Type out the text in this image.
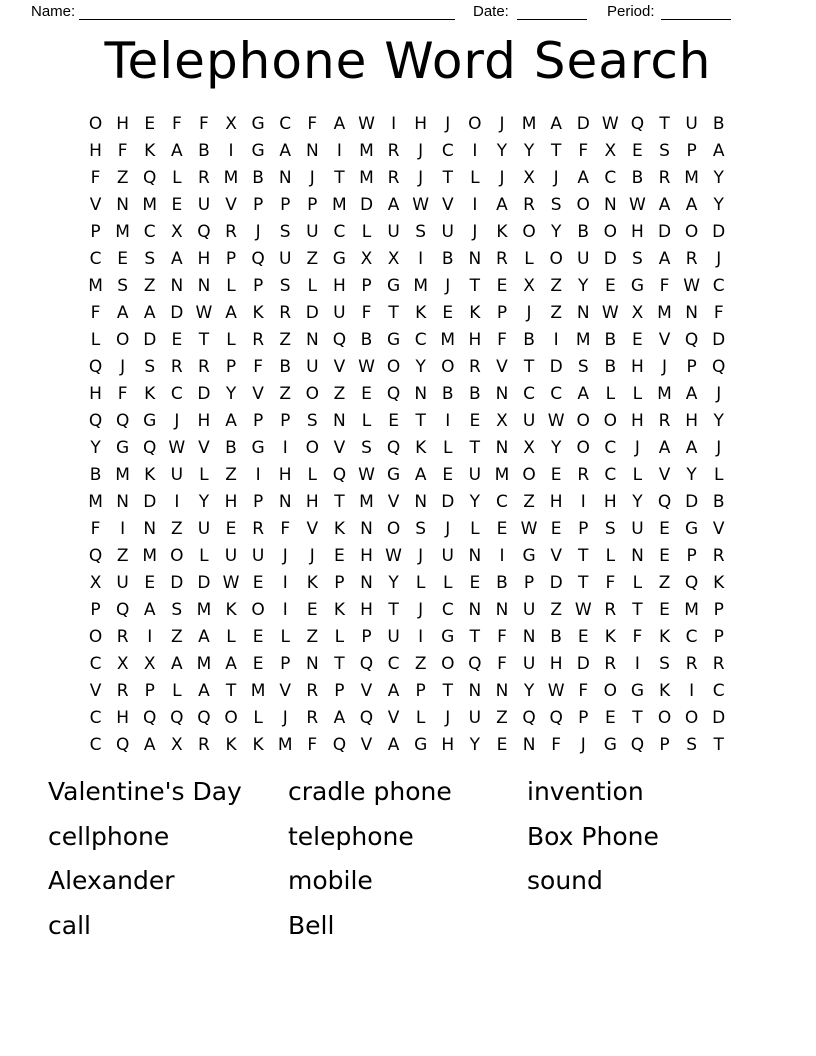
Name:	Date:	Period:
Telephone Word Search
O H E F	F X G C F A W I	H	J	O	J	M A D W Q T U B
H F K A B	I	G A N	I	M R	J	C	I	Y Y T	F X E S P A
F Z Q L R M B N	J	T M R	J	T	L	J	X	J	A C B R M Y
V N M E U V P P P M D A W V	I	A R S O N W A A Y
P M C X Q R	J	S U C L U S U	J	K O Y B O H D O D
C E S A H P Q U Z G X X	I	B N R L O U D S A R	J
M S Z N N L	P S L H P G M	J	T E X Z Y E G F W C
F A A D W A K R D U F	T K E K P	J	Z N W X M N F
L O D E T	L R Z N Q B G C M H F B	I	M B E V Q D
Q	J	S R R P	F B U V W O Y O R V T D S B H	J	P Q
H F K C D Y V Z O Z E Q N B B N C C A L	L M A	J
Q Q G	J	H A P P S N L E T	I	E X U W O O H R H Y
Y G Q W V B G	I	O V S Q K L	T N X Y O C	J	A A	J
B M K U L Z	I	H L Q W G A E U M O E R C L V Y	L
M N D	I	Y H P N H T M V N D Y C Z H	I	H Y Q D B
F	I	N Z U E R F V K N O S	J	L E W E P S U E G V
Q Z M O L U U	J	J	E H W J	U N	I	G V T	L N E P R
X U E D D W E	I	K P N Y	L	L E B P D T	F	L Z Q K
P Q A S M K O	I	E K H T	J	C N N U Z W R T E M P
O R	I	Z A L E L Z L	P U	I	G T	F N B E K F K C P
C X X A M A E P N T Q C Z O Q F U H D R	I	S R R
V R P	L A T M V R P V A P T N N Y W F O G K	I	C
C H Q Q Q O L	J	R A Q V L	J	U Z Q Q P E T O O D
C Q A X R K K M F Q V A G H Y E N F	J	G Q P S T
Valentine's Day
cellphone
Alexander
call
cradle phone
telephone
mobile
Bell
invention
Box Phone
sound
